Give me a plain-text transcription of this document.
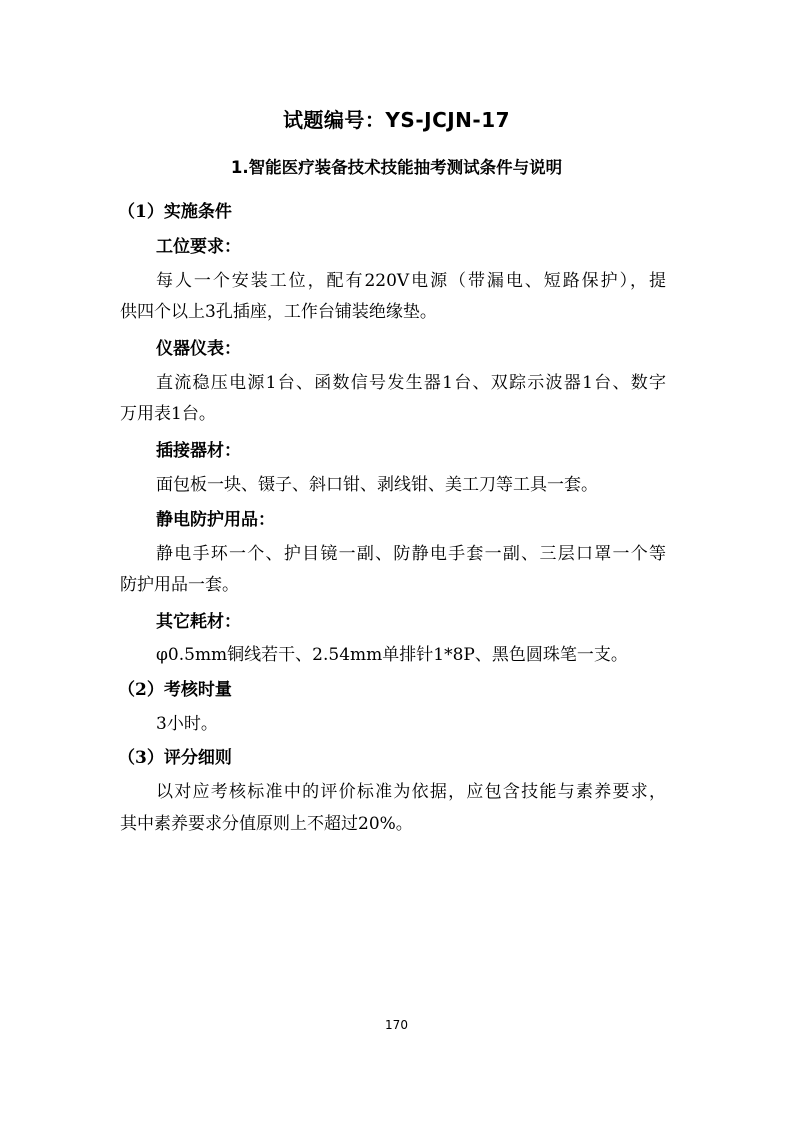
试题编号：YS-JCJN-17
1.智能医疗装备技术技能抽考测试条件与说明
（1）实施条件
工位要求：
每人一个安装工位，配有220V电源（带漏电、短路保护），提
供四个以上3孔插座，工作台铺装绝缘垫。
仪器仪表：
直流稳压电源1台、函数信号发生器1台、双踪示波器1台、数字
万用表1台。
插接器材：
面包板一块、镊子、斜口钳、剥线钳、美工刀等工具一套。
静电防护用品：
静电手环一个、护目镜一副、防静电手套一副、三层口罩一个等
防护用品一套。
其它耗材：
φ0.5mm铜线若干、2.54mm单排针1*8P、黑色圆珠笔一支。
（2）考核时量
3小时。
（3）评分细则
以对应考核标准中的评价标准为依据，应包含技能与素养要求，
其中素养要求分值原则上不超过20%。
170
